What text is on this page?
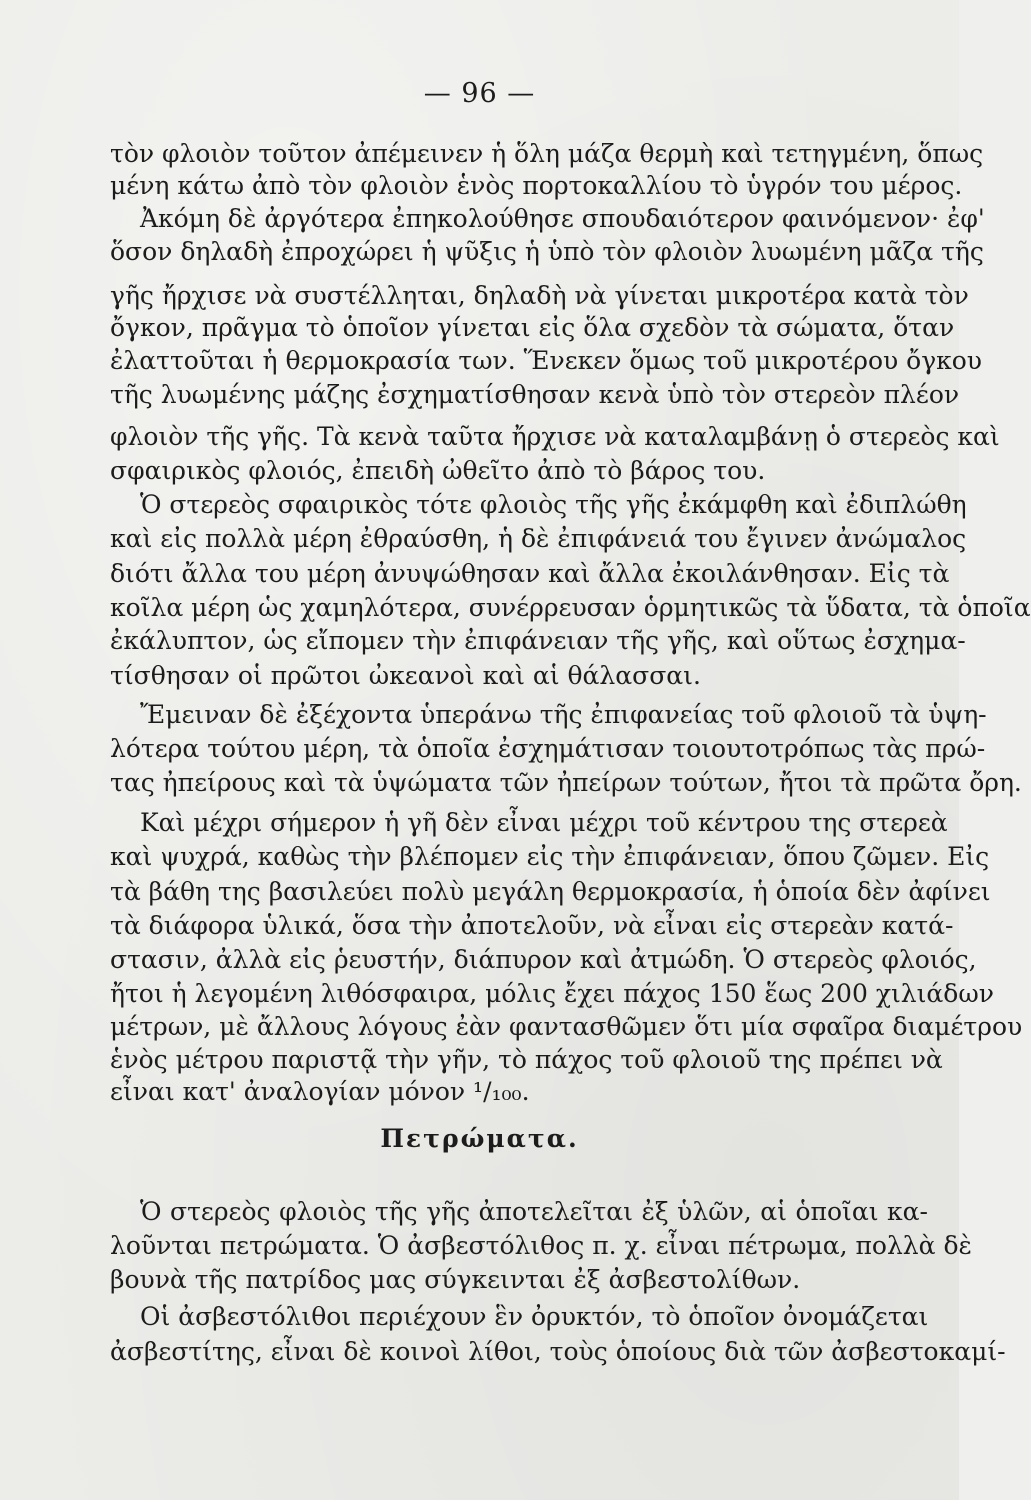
— 96 —
τὸν φλοιὸν τοῦτον ἀπέμεινεν ἡ ὅλη μάζα θερμὴ καὶ τετηγμένη, ὅπως
μένη κάτω ἀπὸ τὸν φλοιὸν ἑνὸς πορτοκαλλίου τὸ ὑγρόν του μέρος.
Ἀκόμη δὲ ἀργότερα ἐπηκολούθησε σπουδαιότερον φαινόμενον· ἐφ'
ὅσον δηλαδὴ ἐπροχώρει ἡ ψῦξις ἡ ὑπὸ τὸν φλοιὸν λυωμένη μᾶζα τῆς
γῆς ἤρχισε νὰ συστέλληται, δηλαδὴ νὰ γίνεται μικροτέρα κατὰ τὸν
ὄγκον, πρᾶγμα τὸ ὁποῖον γίνεται εἰς ὅλα σχεδὸν τὰ σώματα, ὅταν
ἐλαττοῦται ἡ θερμοκρασία των. Ἕνεκεν ὅμως τοῦ μικροτέρου ὄγκου
τῆς λυωμένης μάζης ἐσχηματίσθησαν κενὰ ὑπὸ τὸν στερεὸν πλέον
φλοιὸν τῆς γῆς. Τὰ κενὰ ταῦτα ἤρχισε νὰ καταλαμβάνῃ ὁ στερεὸς καὶ
σφαιρικὸς φλοιός, ἐπειδὴ ὠθεῖτο ἀπὸ τὸ βάρος του.
Ὁ στερεὸς σφαιρικὸς τότε φλοιὸς τῆς γῆς ἐκάμφθη καὶ ἐδιπλώθη
καὶ εἰς πολλὰ μέρη ἐθραύσθη, ἡ δὲ ἐπιφάνειά του ἔγινεν ἀνώμαλος
διότι ἄλλα του μέρη ἀνυψώθησαν καὶ ἄλλα ἐκοιλάνθησαν. Εἰς τὰ
κοῖλα μέρη ὡς χαμηλότερα, συνέρρευσαν ὁρμητικῶς τὰ ὕδατα, τὰ ὁποῖα
ἐκάλυπτον, ὡς εἴπομεν τὴν ἐπιφάνειαν τῆς γῆς, καὶ οὕτως ἐσχημα-
τίσθησαν οἱ πρῶτοι ὠκεανοὶ καὶ αἱ θάλασσαι.
Ἔμειναν δὲ ἐξέχοντα ὑπεράνω τῆς ἐπιφανείας τοῦ φλοιοῦ τὰ ὑψη-
λότερα τούτου μέρη, τὰ ὁποῖα ἐσχημάτισαν τοιουτοτρόπως τὰς πρώ-
τας ἠπείρους καὶ τὰ ὑψώματα τῶν ἠπείρων τούτων, ἤτοι τὰ πρῶτα ὄρη.
Καὶ μέχρι σήμερον ἡ γῆ δὲν εἶναι μέχρι τοῦ κέντρου της στερεὰ
καὶ ψυχρά, καθὼς τὴν βλέπομεν εἰς τὴν ἐπιφάνειαν, ὅπου ζῶμεν. Εἰς
τὰ βάθη της βασιλεύει πολὺ μεγάλη θερμοκρασία, ἡ ὁποία δὲν ἀφίνει
τὰ διάφορα ὑλικά, ὅσα τὴν ἀποτελοῦν, νὰ εἶναι εἰς στερεὰν κατά-
στασιν, ἀλλὰ εἰς ῥευστήν, διάπυρον καὶ ἀτμώδη. Ὁ στερεὸς φλοιός,
ἤτοι ἡ λεγομένη λιθόσφαιρα, μόλις ἔχει πάχος 150 ἕως 200 χιλιάδων
μέτρων, μὲ ἄλλους λόγους ἐὰν φαντασθῶμεν ὅτι μία σφαῖρα διαμέτρου
ἑνὸς μέτρου παριστᾷ τὴν γῆν, τὸ πάχος τοῦ φλοιοῦ της πρέπει νὰ
εἶναι κατ' ἀναλογίαν μόνον ¹/₁₀₀.
Πετρώματα.
Ὁ στερεὸς φλοιὸς τῆς γῆς ἀποτελεῖται ἐξ ὑλῶν, αἱ ὁποῖαι κα-
λοῦνται πετρώματα. Ὁ ἀσβεστόλιθος π. χ. εἶναι πέτρωμα, πολλὰ δὲ
βουνὰ τῆς πατρίδος μας σύγκεινται ἐξ ἀσβεστολίθων.
Οἱ ἀσβεστόλιθοι περιέχουν ἓν ὀρυκτόν, τὸ ὁποῖον ὀνομάζεται
ἀσβεστίτης, εἶναι δὲ κοινοὶ λίθοι, τοὺς ὁποίους διὰ τῶν ἀσβεστοκαμί-
